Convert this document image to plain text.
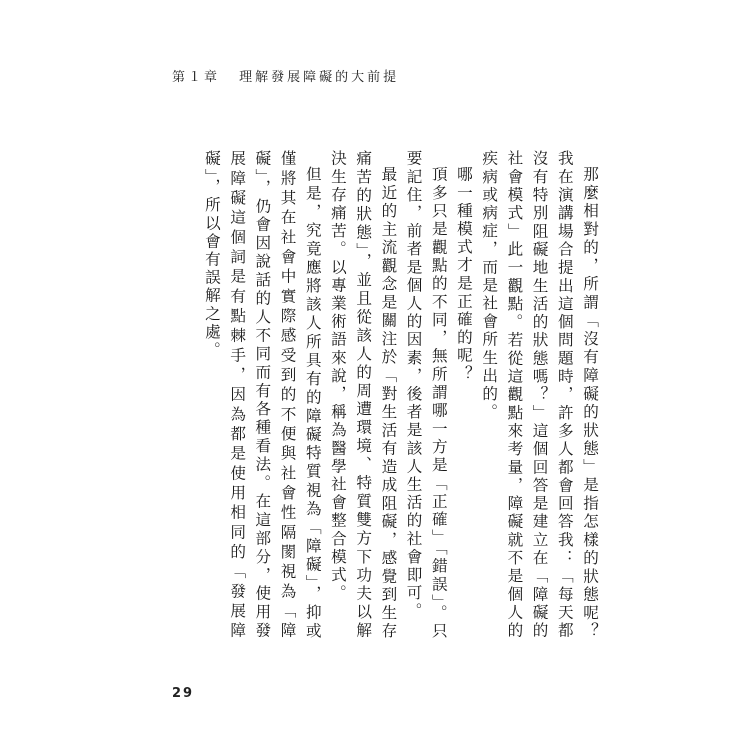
第１章 理解發展障礙的大前提

那麼相對的，所謂「沒有障礙的狀態」是指怎樣的狀態呢？我在演講場合提出這個問題時，許多人都會回答我：「每天都沒有特別阻礙地生活的狀態嗎？」這個回答是建立在「障礙的社會模式」此一觀點。若從這觀點來考量，障礙就不是個人的疾病或病症，而是社會所生出的。

哪一種模式才是正確的呢？

頂多只是觀點的不同，無所謂哪一方是「正確」「錯誤」。只要記住，前者是個人的因素，後者是該人生活的社會即可。

最近的主流觀念是關注於「對生活有造成阻礙，感覺到生存痛苦的狀態」，並且從該人的周遭環境、特質雙方下功夫以解決生存痛苦。以專業術語來說，稱為醫學社會整合模式。

但是，究竟應將該人所具有的障礙特質視為「障礙」，抑或僅將其在社會中實際感受到的不便與社會性隔閡視為「障礙」，仍會因說話的人不同而有各種看法。在這部分，使用發展障礙這個詞是有點棘手，因為都是使用相同的「發展障礙」，所以會有誤解之處。

29
